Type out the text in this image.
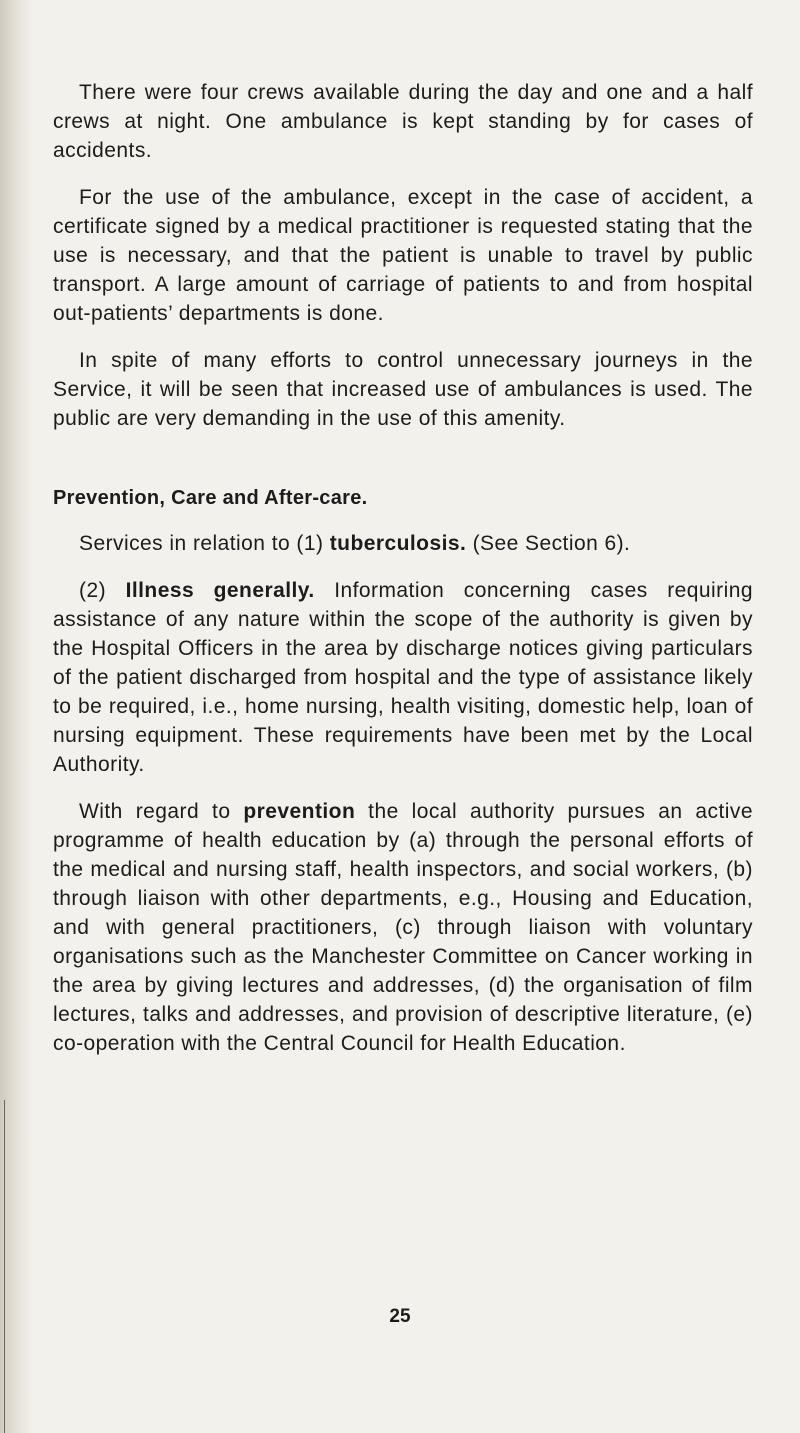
There were four crews available during the day and one and a half crews at night. One ambulance is kept standing by for cases of accidents.

For the use of the ambulance, except in the case of accident, a certificate signed by a medical practitioner is requested stating that the use is necessary, and that the patient is unable to travel by public transport. A large amount of carriage of patients to and from hospital out-patients’ departments is done.

In spite of many efforts to control unnecessary journeys in the Service, it will be seen that increased use of ambulances is used. The public are very demanding in the use of this amenity.

Prevention, Care and After-care.

Services in relation to (1) tuberculosis. (See Section 6).

(2) Illness generally. Information concerning cases requiring assistance of any nature within the scope of the authority is given by the Hospital Officers in the area by discharge notices giving particulars of the patient discharged from hospital and the type of assistance likely to be required, i.e., home nursing, health visiting, domestic help, loan of nursing equipment. These requirements have been met by the Local Authority.

With regard to prevention the local authority pursues an active programme of health education by (a) through the personal efforts of the medical and nursing staff, health inspectors, and social workers, (b) through liaison with other departments, e.g., Housing and Education, and with general practitioners, (c) through liaison with voluntary organisations such as the Manchester Committee on Cancer working in the area by giving lectures and addresses, (d) the organisation of film lectures, talks and addresses, and provision of descriptive literature, (e) co-operation with the Central Council for Health Education.

25
